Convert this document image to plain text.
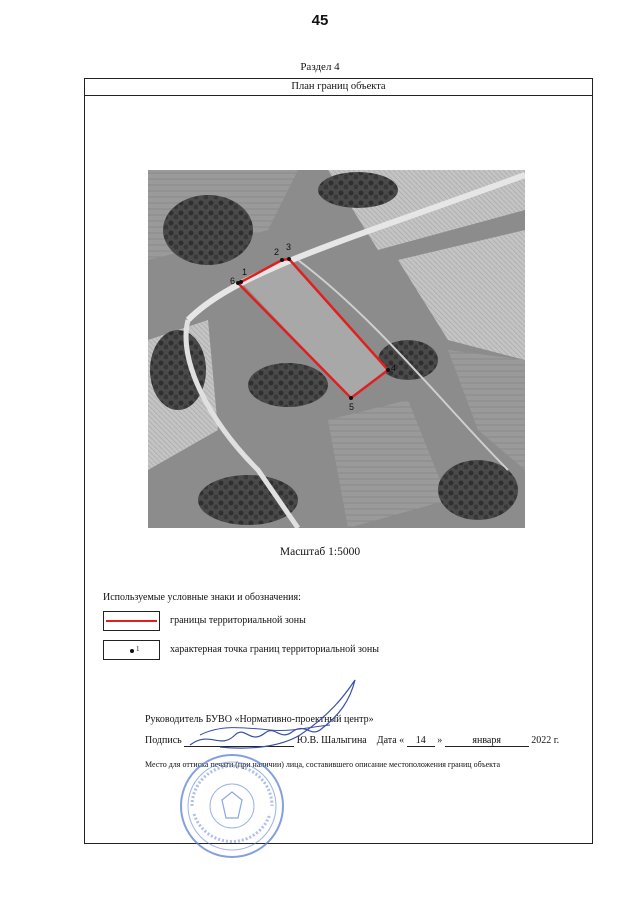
45
Раздел 4
План границ объекта
1
2 3
4
5
6
Масштаб 1:5000
Используемые условные знаки и обозначения:
границы территориальной зоны
1	характерная точка границ территориальной зоны
Руководитель БУВО «Нормативно-проектный центр»
Подпись	Ю.В. Шалыгина Дата « 14 »	января	2022 г.
Место для оттиска печати (при наличии) лица, составившего описание местоположения границ объекта
